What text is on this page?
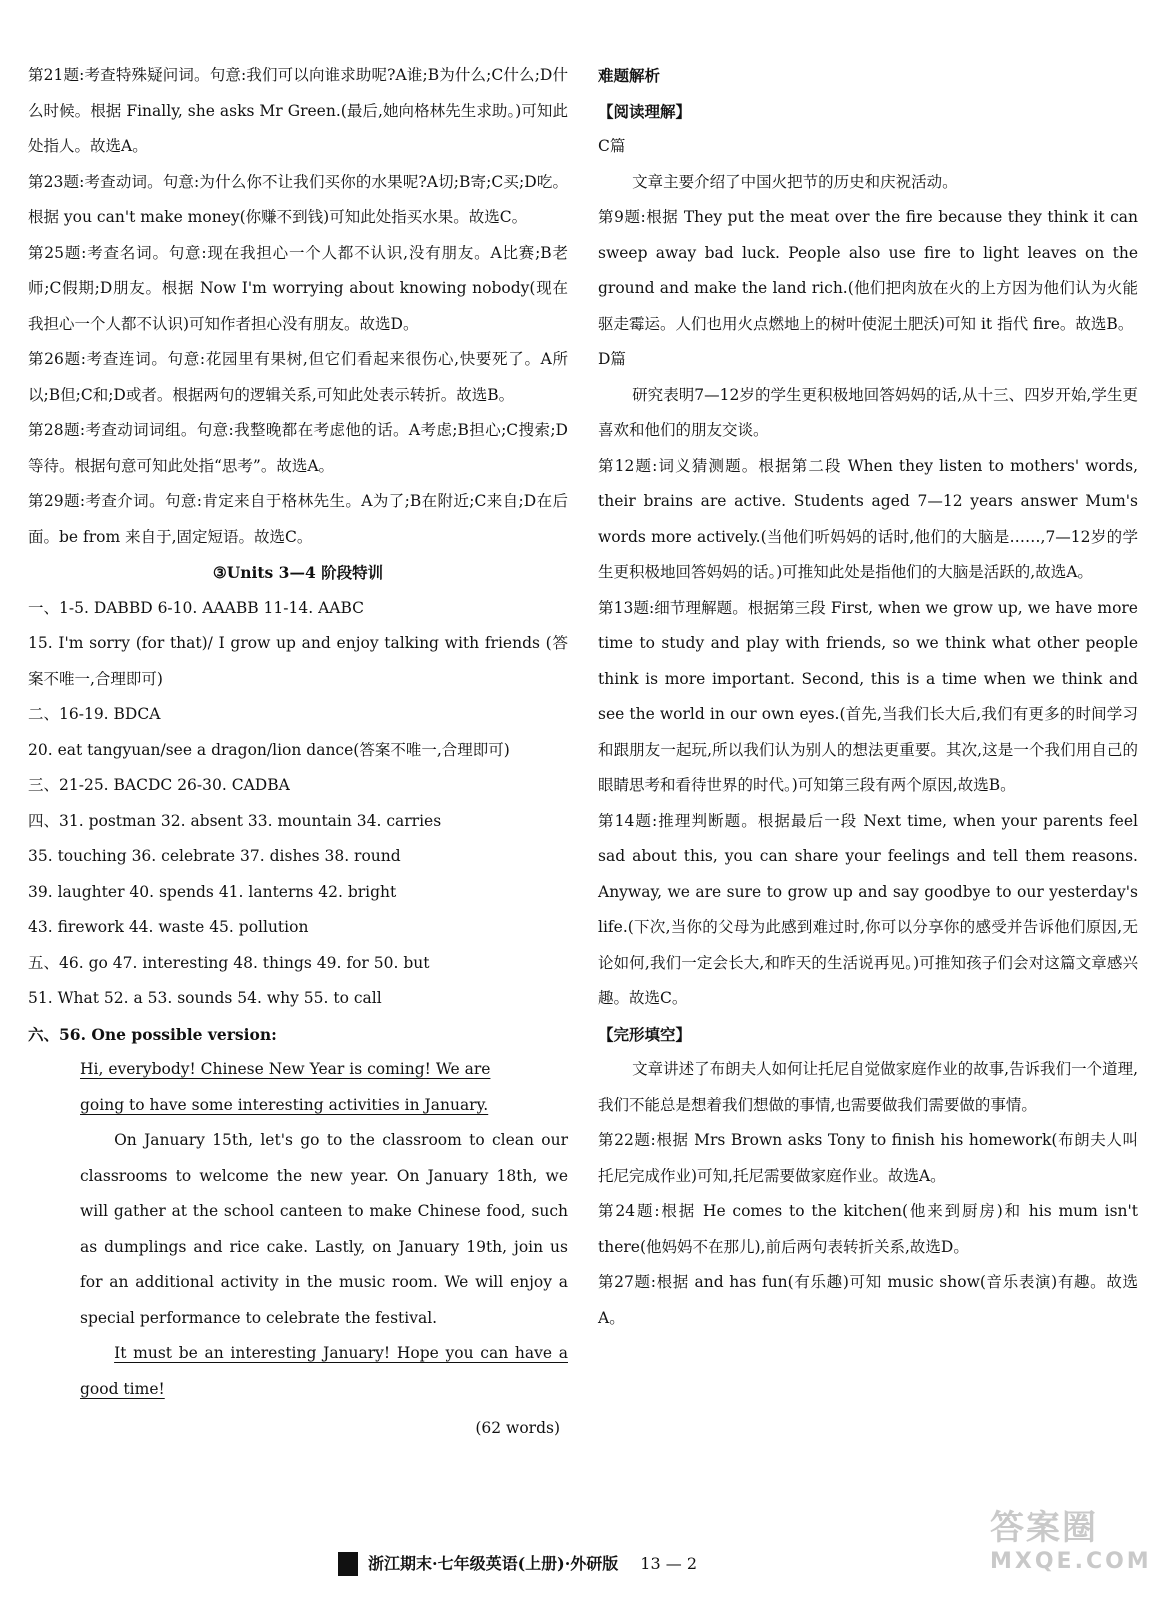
第21题:考查特殊疑问词。句意:我们可以向谁求助呢?A谁;B为什么;C什么;D什么时候。根据 Finally, she asks Mr Green.(最后,她向格林先生求助。)可知此处指人。故选A。

第23题:考查动词。句意:为什么你不让我们买你的水果呢?A切;B寄;C买;D吃。根据 you can't make money(你赚不到钱)可知此处指买水果。故选C。

第25题:考查名词。句意:现在我担心一个人都不认识,没有朋友。A比赛;B老师;C假期;D朋友。根据 Now I'm worrying about knowing nobody(现在我担心一个人都不认识)可知作者担心没有朋友。故选D。

第26题:考查连词。句意:花园里有果树,但它们看起来很伤心,快要死了。A所以;B但;C和;D或者。根据两句的逻辑关系,可知此处表示转折。故选B。

第28题:考查动词词组。句意:我整晚都在考虑他的话。A考虑;B担心;C搜索;D等待。根据句意可知此处指“思考”。故选A。

第29题:考查介词。句意:肯定来自于格林先生。A为了;B在附近;C来自;D在后面。be from 来自于,固定短语。故选C。

③Units 3—4 阶段特训

一、1-5. DABBD 6-10. AAABB 11-14. AABC

15. I'm sorry (for that)/ I grow up and enjoy talking with friends (答案不唯一,合理即可)

二、16-19. BDCA

20. eat tangyuan/see a dragon/lion dance(答案不唯一,合理即可)

三、21-25. BACDC 26-30. CADBA

四、31. postman 32. absent 33. mountain 34. carries

35. touching 36. celebrate 37. dishes 38. round

39. laughter 40. spends 41. lanterns 42. bright

43. firework 44. waste 45. pollution

五、46. go 47. interesting 48. things 49. for 50. but

51. What 52. a 53. sounds 54. why 55. to call

六、56. One possible version:

Hi, everybody! Chinese New Year is coming! We are

going to have some interesting activities in January.

On January 15th, let's go to the classroom to clean our classrooms to welcome the new year. On January 18th, we will gather at the school canteen to make Chinese food, such as dumplings and rice cake. Lastly, on January 19th, join us for an additional activity in the music room. We will enjoy a special performance to celebrate the festival.

It must be an interesting January! Hope you can have a good time!

(62 words)

难题解析

【阅读理解】

C篇

文章主要介绍了中国火把节的历史和庆祝活动。

第9题:根据 They put the meat over the fire because they think it can sweep away bad luck. People also use fire to light leaves on the ground and make the land rich.(他们把肉放在火的上方因为他们认为火能驱走霉运。人们也用火点燃地上的树叶使泥土肥沃)可知 it 指代 fire。故选B。

D篇

研究表明7—12岁的学生更积极地回答妈妈的话,从十三、四岁开始,学生更喜欢和他们的朋友交谈。

第12题:词义猜测题。根据第二段 When they listen to mothers' words, their brains are active. Students aged 7—12 years answer Mum's words more actively.(当他们听妈妈的话时,他们的大脑是……,7—12岁的学生更积极地回答妈妈的话。)可推知此处是指他们的大脑是活跃的,故选A。

第13题:细节理解题。根据第三段 First, when we grow up, we have more time to study and play with friends, so we think what other people think is more important. Second, this is a time when we think and see the world in our own eyes.(首先,当我们长大后,我们有更多的时间学习和跟朋友一起玩,所以我们认为别人的想法更重要。其次,这是一个我们用自己的眼睛思考和看待世界的时代。)可知第三段有两个原因,故选B。

第14题:推理判断题。根据最后一段 Next time, when your parents feel sad about this, you can share your feelings and tell them reasons. Anyway, we are sure to grow up and say goodbye to our yesterday's life.(下次,当你的父母为此感到难过时,你可以分享你的感受并告诉他们原因,无论如何,我们一定会长大,和昨天的生活说再见。)可推知孩子们会对这篇文章感兴趣。故选C。

【完形填空】

文章讲述了布朗夫人如何让托尼自觉做家庭作业的故事,告诉我们一个道理,我们不能总是想着我们想做的事情,也需要做我们需要做的事情。

第22题:根据 Mrs Brown asks Tony to finish his homework(布朗夫人叫托尼完成作业)可知,托尼需要做家庭作业。故选A。

第24题:根据 He comes to the kitchen(他来到厨房)和 his mum isn't there(他妈妈不在那儿),前后两句表转折关系,故选D。

第27题:根据 and has fun(有乐趣)可知 music show(音乐表演)有趣。故选A。

浙江期末·七年级英语(上册)·外研版 13 — 2
答案圈
MXQE.COM
